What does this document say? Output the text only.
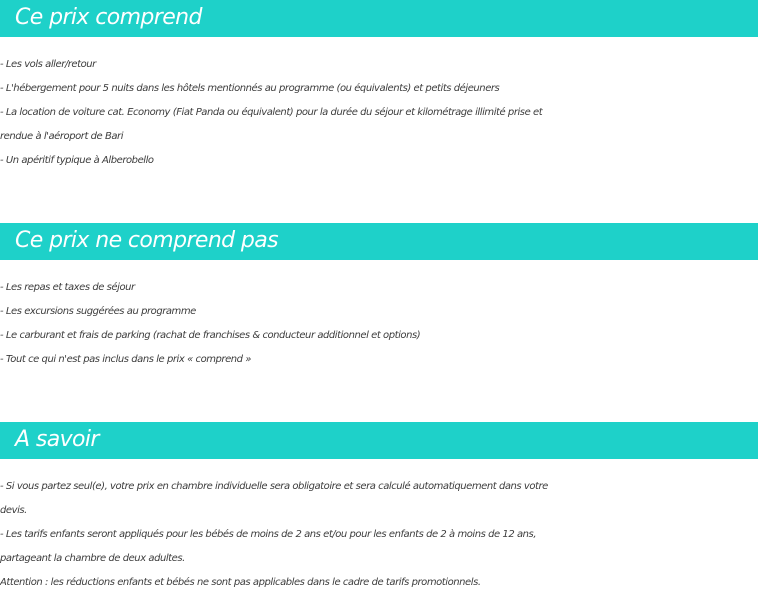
Ce prix comprend
- Les vols aller/retour
- L'hébergement pour 5 nuits dans les hôtels mentionnés au programme (ou équivalents) et petits déjeuners
- La location de voiture cat. Economy (Fiat Panda ou équivalent) pour la durée du séjour et kilométrage illimité prise et
rendue à l'aéroport de Bari
- Un apéritif typique à Alberobello
Ce prix ne comprend pas
- Les repas et taxes de séjour
- Les excursions suggérées au programme
- Le carburant et frais de parking (rachat de franchises & conducteur additionnel et options)
- Tout ce qui n'est pas inclus dans le prix « comprend »
A savoir
- Si vous partez seul(e), votre prix en chambre individuelle sera obligatoire et sera calculé automatiquement dans votre
devis.
- Les tarifs enfants seront appliqués pour les bébés de moins de 2 ans et/ou pour les enfants de 2 à moins de 12 ans,
partageant la chambre de deux adultes.
Attention : les réductions enfants et bébés ne sont pas applicables dans le cadre de tarifs promotionnels.
